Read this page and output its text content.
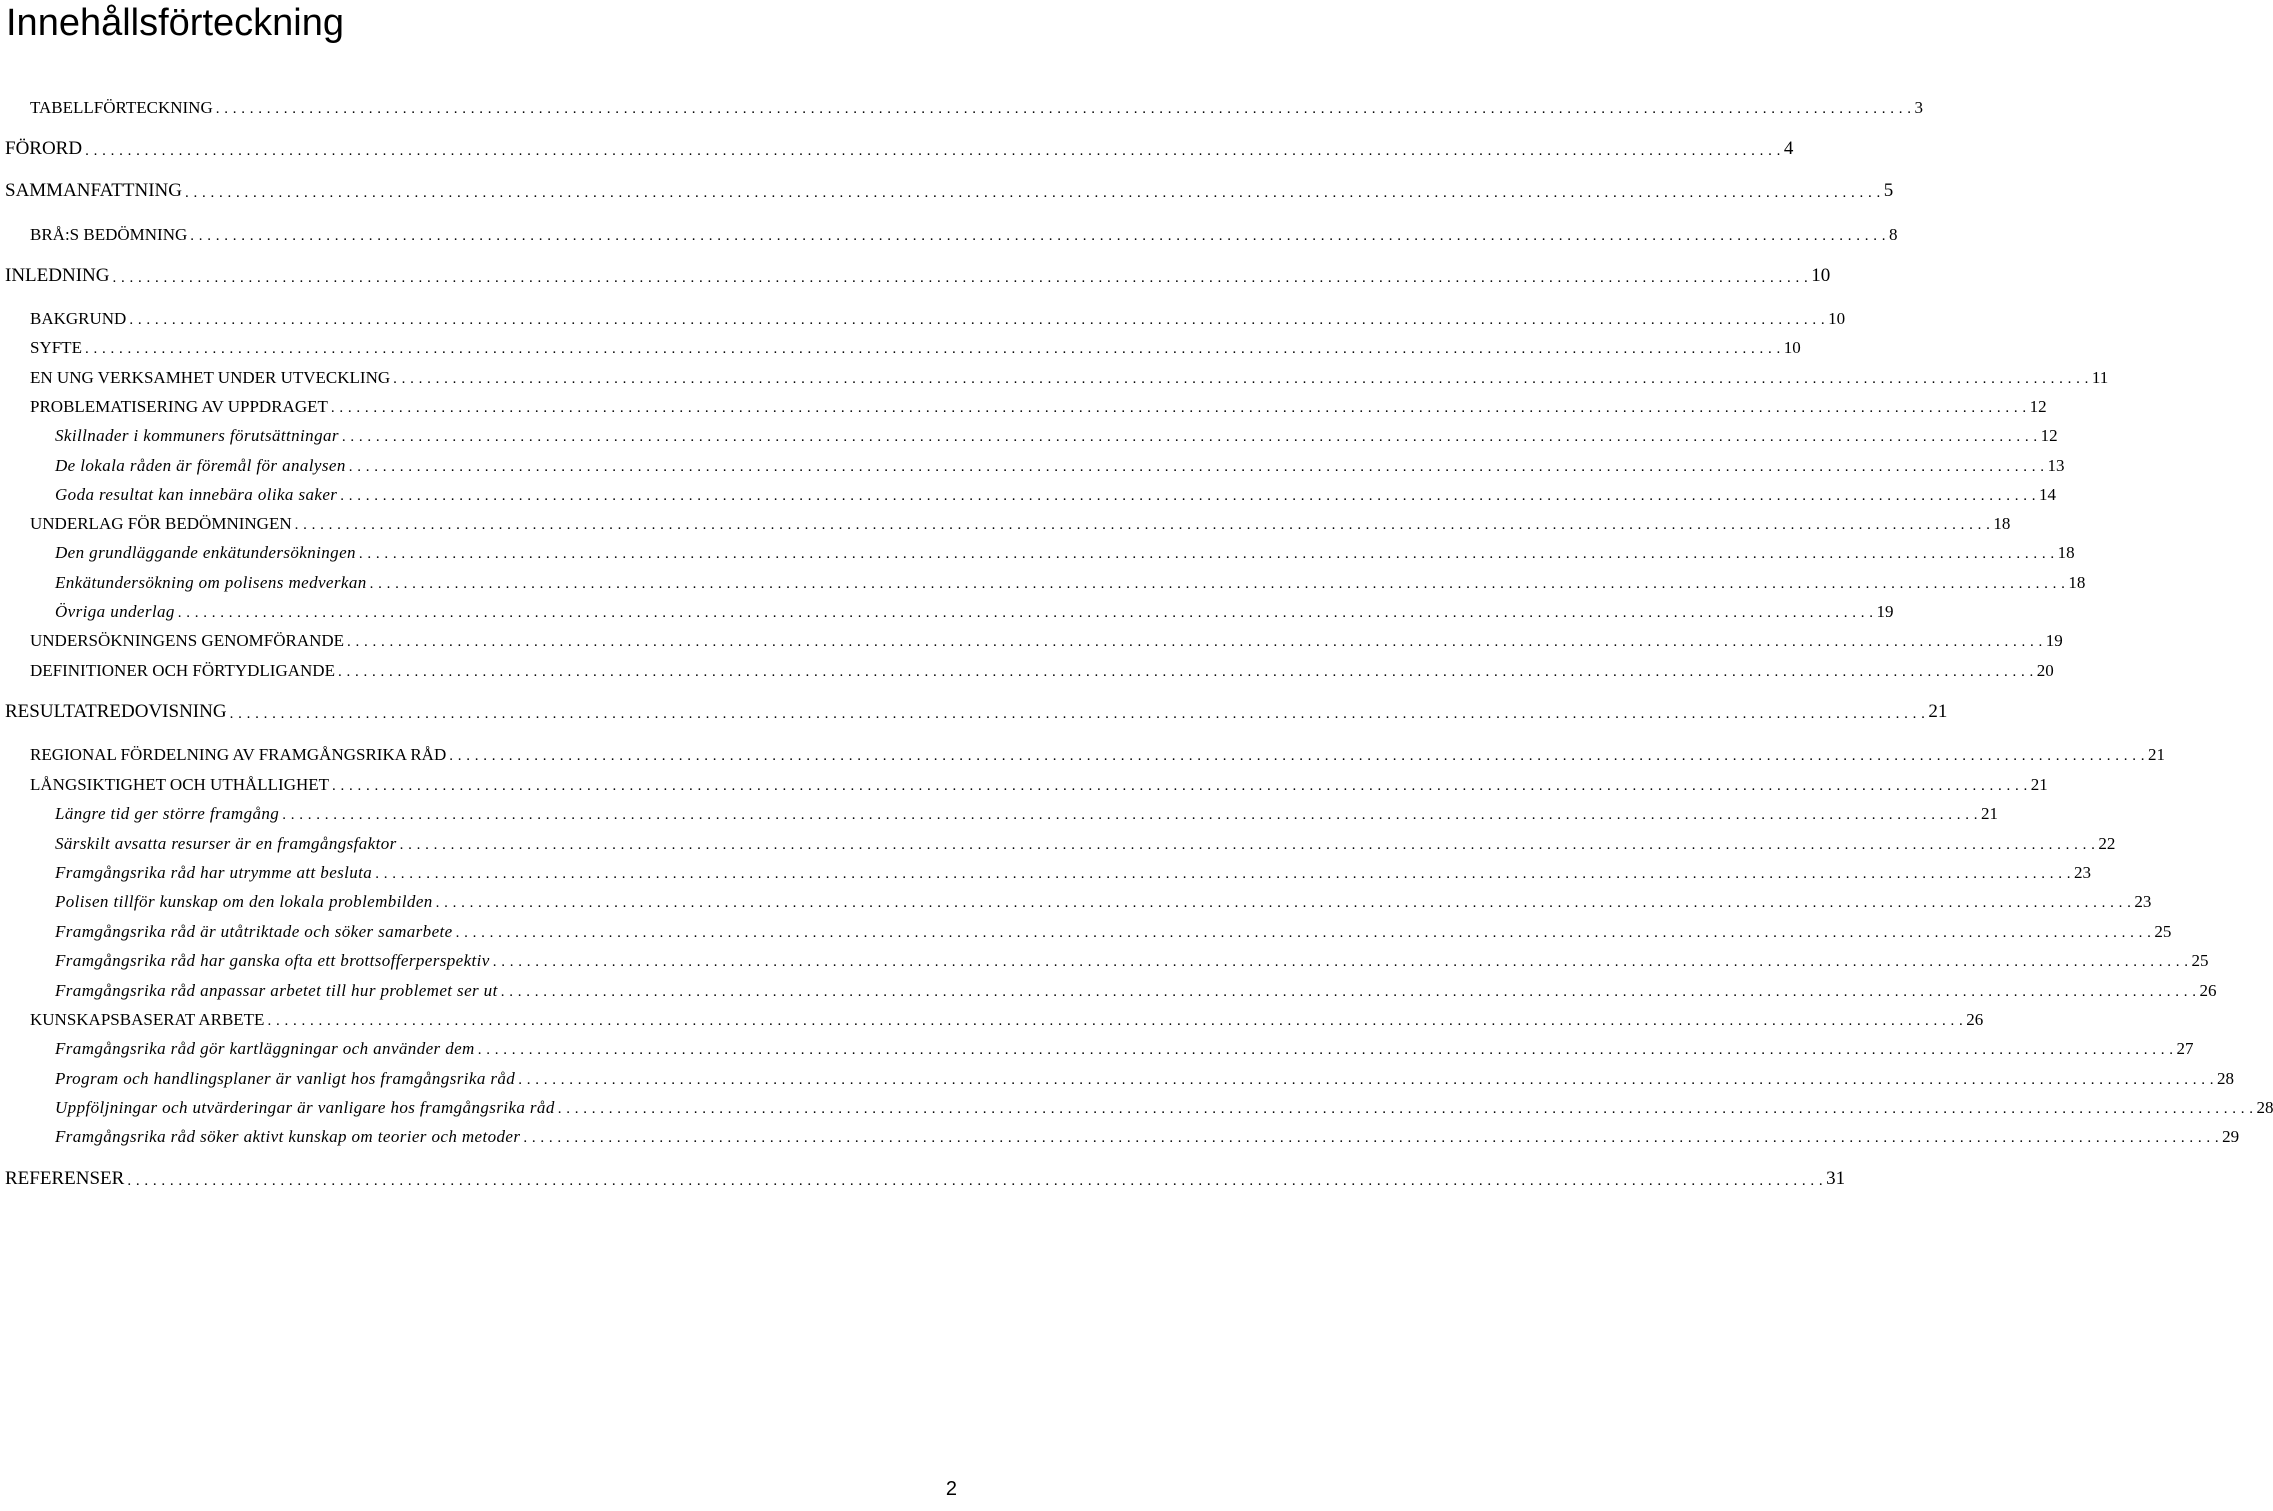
Innehållsförteckning
TABELLFÖRTECKNING . . . . . . . . . . . . . . . . . . . . . . . . . . . . . . . . . . . . . . . . . . . . . . . . . . . . . . . . . . . . . . . . . . . . . . . . . . . . . . . . . . . . . . . . . . . . . . . . . . . . . . . . . . . . . . . . . . . . . . . . . . . . . . . . . . . . . . . . . . . . . . . . . . . . . . . . . . . . . . . . . . . . . . . . . . . . . . . . . . . . . . . . . . . . . . . . . . . . . . . . 3
FÖRORD . . . . . . . . . . . . . . . . . . . . . . . . . . . . . . . . . . . . . . . . . . . . . . . . . . . . . . . . . . . . . . . . . . . . . . . . . . . . . . . . . . . . . . . . . . . . . . . . . . . . . . . . . . . . . . . . . . . . . . . . . . . . . . . . . . . . . . . . . . . . . . . . . . . . . . . . . . . . . . . . . . . . . . . . . . . . . . . . . . . . . . . . . . . . . . . . . . . . . . . . 4
SAMMANFATTNING . . . . . . . . . . . . . . . . . . . . . . . . . . . . . . . . . . . . . . . . . . . . . . . . . . . . . . . . . . . . . . . . . . . . . . . . . . . . . . . . . . . . . . . . . . . . . . . . . . . . . . . . . . . . . . . . . . . . . . . . . . . . . . . . . . . . . . . . . . . . . . . . . . . . . . . . . . . . . . . . . . . . . . . . . . . . . . . . . . . . . . . . . . . . . . . . . . . . . . . . 5
BRÅ:S BEDÖMNING . . . . . . . . . . . . . . . . . . . . . . . . . . . . . . . . . . . . . . . . . . . . . . . . . . . . . . . . . . . . . . . . . . . . . . . . . . . . . . . . . . . . . . . . . . . . . . . . . . . . . . . . . . . . . . . . . . . . . . . . . . . . . . . . . . . . . . . . . . . . . . . . . . . . . . . . . . . . . . . . . . . . . . . . . . . . . . . . . . . . . . . . . . . . . . . . . . . . . . . . 8
INLEDNING . . . . . . . . . . . . . . . . . . . . . . . . . . . . . . . . . . . . . . . . . . . . . . . . . . . . . . . . . . . . . . . . . . . . . . . . . . . . . . . . . . . . . . . . . . . . . . . . . . . . . . . . . . . . . . . . . . . . . . . . . . . . . . . . . . . . . . . . . . . . . . . . . . . . . . . . . . . . . . . . . . . . . . . . . . . . . . . . . . . . . . . . . . . . . . . . . . . . . . . . 10
BAKGRUND . . . . . . . . . . . . . . . . . . . . . . . . . . . . . . . . . . . . . . . . . . . . . . . . . . . . . . . . . . . . . . . . . . . . . . . . . . . . . . . . . . . . . . . . . . . . . . . . . . . . . . . . . . . . . . . . . . . . . . . . . . . . . . . . . . . . . . . . . . . . . . . . . . . . . . . . . . . . . . . . . . . . . . . . . . . . . . . . . . . . . . . . . . . . . . . . . . . . . . . . 10
SYFTE . . . . . . . . . . . . . . . . . . . . . . . . . . . . . . . . . . . . . . . . . . . . . . . . . . . . . . . . . . . . . . . . . . . . . . . . . . . . . . . . . . . . . . . . . . . . . . . . . . . . . . . . . . . . . . . . . . . . . . . . . . . . . . . . . . . . . . . . . . . . . . . . . . . . . . . . . . . . . . . . . . . . . . . . . . . . . . . . . . . . . . . . . . . . . . . . . . . . . . . . 10
EN UNG VERKSAMHET UNDER UTVECKLING . . . . . . . . . . . . . . . . . . . . . . . . . . . . . . . . . . . . . . . . . . . . . . . . . . . . . . . . . . . . . . . . . . . . . . . . . . . . . . . . . . . . . . . . . . . . . . . . . . . . . . . . . . . . . . . . . . . . . . . . . . . . . . . . . . . . . . . . . . . . . . . . . . . . . . . . . . . . . . . . . . . . . . . . . . . . . . . . . . . . . . . . . . . . . . . . . . . . . . . . 11
PROBLEMATISERING AV UPPDRAGET . . . . . . . . . . . . . . . . . . . . . . . . . . . . . . . . . . . . . . . . . . . . . . . . . . . . . . . . . . . . . . . . . . . . . . . . . . . . . . . . . . . . . . . . . . . . . . . . . . . . . . . . . . . . . . . . . . . . . . . . . . . . . . . . . . . . . . . . . . . . . . . . . . . . . . . . . . . . . . . . . . . . . . . . . . . . . . . . . . . . . . . . . . . . . . . . . . . . . . . . 12
Skillnader i kommuners förutsättningar . . . . . . . . . . . . . . . . . . . . . . . . . . . . . . . . . . . . . . . . . . . . . . . . . . . . . . . . . . . . . . . . . . . . . . . . . . . . . . . . . . . . . . . . . . . . . . . . . . . . . . . . . . . . . . . . . . . . . . . . . . . . . . . . . . . . . . . . . . . . . . . . . . . . . . . . . . . . . . . . . . . . . . . . . . . . . . . . . . . . . . . . . . . . . . . . . . . . . . . . 12
De lokala råden är föremål för analysen . . . . . . . . . . . . . . . . . . . . . . . . . . . . . . . . . . . . . . . . . . . . . . . . . . . . . . . . . . . . . . . . . . . . . . . . . . . . . . . . . . . . . . . . . . . . . . . . . . . . . . . . . . . . . . . . . . . . . . . . . . . . . . . . . . . . . . . . . . . . . . . . . . . . . . . . . . . . . . . . . . . . . . . . . . . . . . . . . . . . . . . . . . . . . . . . . . . . . . . . 13
Goda resultat kan innebära olika saker . . . . . . . . . . . . . . . . . . . . . . . . . . . . . . . . . . . . . . . . . . . . . . . . . . . . . . . . . . . . . . . . . . . . . . . . . . . . . . . . . . . . . . . . . . . . . . . . . . . . . . . . . . . . . . . . . . . . . . . . . . . . . . . . . . . . . . . . . . . . . . . . . . . . . . . . . . . . . . . . . . . . . . . . . . . . . . . . . . . . . . . . . . . . . . . . . . . . . . . . 14
UNDERLAG FÖR BEDÖMNINGEN . . . . . . . . . . . . . . . . . . . . . . . . . . . . . . . . . . . . . . . . . . . . . . . . . . . . . . . . . . . . . . . . . . . . . . . . . . . . . . . . . . . . . . . . . . . . . . . . . . . . . . . . . . . . . . . . . . . . . . . . . . . . . . . . . . . . . . . . . . . . . . . . . . . . . . . . . . . . . . . . . . . . . . . . . . . . . . . . . . . . . . . . . . . . . . . . . . . . . . . . 18
Den grundläggande enkätundersökningen . . . . . . . . . . . . . . . . . . . . . . . . . . . . . . . . . . . . . . . . . . . . . . . . . . . . . . . . . . . . . . . . . . . . . . . . . . . . . . . . . . . . . . . . . . . . . . . . . . . . . . . . . . . . . . . . . . . . . . . . . . . . . . . . . . . . . . . . . . . . . . . . . . . . . . . . . . . . . . . . . . . . . . . . . . . . . . . . . . . . . . . . . . . . . . . . . . . . . . . . 18
Enkätundersökning om polisens medverkan . . . . . . . . . . . . . . . . . . . . . . . . . . . . . . . . . . . . . . . . . . . . . . . . . . . . . . . . . . . . . . . . . . . . . . . . . . . . . . . . . . . . . . . . . . . . . . . . . . . . . . . . . . . . . . . . . . . . . . . . . . . . . . . . . . . . . . . . . . . . . . . . . . . . . . . . . . . . . . . . . . . . . . . . . . . . . . . . . . . . . . . . . . . . . . . . . . . . . . . . 18
Övriga underlag . . . . . . . . . . . . . . . . . . . . . . . . . . . . . . . . . . . . . . . . . . . . . . . . . . . . . . . . . . . . . . . . . . . . . . . . . . . . . . . . . . . . . . . . . . . . . . . . . . . . . . . . . . . . . . . . . . . . . . . . . . . . . . . . . . . . . . . . . . . . . . . . . . . . . . . . . . . . . . . . . . . . . . . . . . . . . . . . . . . . . . . . . . . . . . . . . . . . . . . . 19
UNDERSÖKNINGENS GENOMFÖRANDE . . . . . . . . . . . . . . . . . . . . . . . . . . . . . . . . . . . . . . . . . . . . . . . . . . . . . . . . . . . . . . . . . . . . . . . . . . . . . . . . . . . . . . . . . . . . . . . . . . . . . . . . . . . . . . . . . . . . . . . . . . . . . . . . . . . . . . . . . . . . . . . . . . . . . . . . . . . . . . . . . . . . . . . . . . . . . . . . . . . . . . . . . . . . . . . . . . . . . . . . 19
DEFINITIONER OCH FÖRTYDLIGANDE . . . . . . . . . . . . . . . . . . . . . . . . . . . . . . . . . . . . . . . . . . . . . . . . . . . . . . . . . . . . . . . . . . . . . . . . . . . . . . . . . . . . . . . . . . . . . . . . . . . . . . . . . . . . . . . . . . . . . . . . . . . . . . . . . . . . . . . . . . . . . . . . . . . . . . . . . . . . . . . . . . . . . . . . . . . . . . . . . . . . . . . . . . . . . . . . . . . . . . . . 20
RESULTATREDOVISNING . . . . . . . . . . . . . . . . . . . . . . . . . . . . . . . . . . . . . . . . . . . . . . . . . . . . . . . . . . . . . . . . . . . . . . . . . . . . . . . . . . . . . . . . . . . . . . . . . . . . . . . . . . . . . . . . . . . . . . . . . . . . . . . . . . . . . . . . . . . . . . . . . . . . . . . . . . . . . . . . . . . . . . . . . . . . . . . . . . . . . . . . . . . . . . . . . . . . . . . . 21
REGIONAL FÖRDELNING AV FRAMGÅNGSRIKA RÅD . . . . . . . . . . . . . . . . . . . . . . . . . . . . . . . . . . . . . . . . . . . . . . . . . . . . . . . . . . . . . . . . . . . . . . . . . . . . . . . . . . . . . . . . . . . . . . . . . . . . . . . . . . . . . . . . . . . . . . . . . . . . . . . . . . . . . . . . . . . . . . . . . . . . . . . . . . . . . . . . . . . . . . . . . . . . . . . . . . . . . . . . . . . . . . . . . . . . . . . . 21
LÅNGSIKTIGHET OCH UTHÅLLIGHET . . . . . . . . . . . . . . . . . . . . . . . . . . . . . . . . . . . . . . . . . . . . . . . . . . . . . . . . . . . . . . . . . . . . . . . . . . . . . . . . . . . . . . . . . . . . . . . . . . . . . . . . . . . . . . . . . . . . . . . . . . . . . . . . . . . . . . . . . . . . . . . . . . . . . . . . . . . . . . . . . . . . . . . . . . . . . . . . . . . . . . . . . . . . . . . . . . . . . . . . 21
Längre tid ger större framgång . . . . . . . . . . . . . . . . . . . . . . . . . . . . . . . . . . . . . . . . . . . . . . . . . . . . . . . . . . . . . . . . . . . . . . . . . . . . . . . . . . . . . . . . . . . . . . . . . . . . . . . . . . . . . . . . . . . . . . . . . . . . . . . . . . . . . . . . . . . . . . . . . . . . . . . . . . . . . . . . . . . . . . . . . . . . . . . . . . . . . . . . . . . . . . . . . . . . . . . . 21
Särskilt avsatta resurser är en framgångsfaktor . . . . . . . . . . . . . . . . . . . . . . . . . . . . . . . . . . . . . . . . . . . . . . . . . . . . . . . . . . . . . . . . . . . . . . . . . . . . . . . . . . . . . . . . . . . . . . . . . . . . . . . . . . . . . . . . . . . . . . . . . . . . . . . . . . . . . . . . . . . . . . . . . . . . . . . . . . . . . . . . . . . . . . . . . . . . . . . . . . . . . . . . . . . . . . . . . . . . . . . . 22
Framgångsrika råd har utrymme att besluta . . . . . . . . . . . . . . . . . . . . . . . . . . . . . . . . . . . . . . . . . . . . . . . . . . . . . . . . . . . . . . . . . . . . . . . . . . . . . . . . . . . . . . . . . . . . . . . . . . . . . . . . . . . . . . . . . . . . . . . . . . . . . . . . . . . . . . . . . . . . . . . . . . . . . . . . . . . . . . . . . . . . . . . . . . . . . . . . . . . . . . . . . . . . . . . . . . . . . . . . 23
Polisen tillför kunskap om den lokala problembilden . . . . . . . . . . . . . . . . . . . . . . . . . . . . . . . . . . . . . . . . . . . . . . . . . . . . . . . . . . . . . . . . . . . . . . . . . . . . . . . . . . . . . . . . . . . . . . . . . . . . . . . . . . . . . . . . . . . . . . . . . . . . . . . . . . . . . . . . . . . . . . . . . . . . . . . . . . . . . . . . . . . . . . . . . . . . . . . . . . . . . . . . . . . . . . . . . . . . . . . . 23
Framgångsrika råd är utåtriktade och söker samarbete . . . . . . . . . . . . . . . . . . . . . . . . . . . . . . . . . . . . . . . . . . . . . . . . . . . . . . . . . . . . . . . . . . . . . . . . . . . . . . . . . . . . . . . . . . . . . . . . . . . . . . . . . . . . . . . . . . . . . . . . . . . . . . . . . . . . . . . . . . . . . . . . . . . . . . . . . . . . . . . . . . . . . . . . . . . . . . . . . . . . . . . . . . . . . . . . . . . . . . . . 25
Framgångsrika råd har ganska ofta ett brottsofferperspektiv . . . . . . . . . . . . . . . . . . . . . . . . . . . . . . . . . . . . . . . . . . . . . . . . . . . . . . . . . . . . . . . . . . . . . . . . . . . . . . . . . . . . . . . . . . . . . . . . . . . . . . . . . . . . . . . . . . . . . . . . . . . . . . . . . . . . . . . . . . . . . . . . . . . . . . . . . . . . . . . . . . . . . . . . . . . . . . . . . . . . . . . . . . . . . . . . . . . . . . . . 25
Framgångsrika råd anpassar arbetet till hur problemet ser ut . . . . . . . . . . . . . . . . . . . . . . . . . . . . . . . . . . . . . . . . . . . . . . . . . . . . . . . . . . . . . . . . . . . . . . . . . . . . . . . . . . . . . . . . . . . . . . . . . . . . . . . . . . . . . . . . . . . . . . . . . . . . . . . . . . . . . . . . . . . . . . . . . . . . . . . . . . . . . . . . . . . . . . . . . . . . . . . . . . . . . . . . . . . . . . . . . . . . . . . . 26
KUNSKAPSBASERAT ARBETE . . . . . . . . . . . . . . . . . . . . . . . . . . . . . . . . . . . . . . . . . . . . . . . . . . . . . . . . . . . . . . . . . . . . . . . . . . . . . . . . . . . . . . . . . . . . . . . . . . . . . . . . . . . . . . . . . . . . . . . . . . . . . . . . . . . . . . . . . . . . . . . . . . . . . . . . . . . . . . . . . . . . . . . . . . . . . . . . . . . . . . . . . . . . . . . . . . . . . . . . 26
Framgångsrika råd gör kartläggningar och använder dem . . . . . . . . . . . . . . . . . . . . . . . . . . . . . . . . . . . . . . . . . . . . . . . . . . . . . . . . . . . . . . . . . . . . . . . . . . . . . . . . . . . . . . . . . . . . . . . . . . . . . . . . . . . . . . . . . . . . . . . . . . . . . . . . . . . . . . . . . . . . . . . . . . . . . . . . . . . . . . . . . . . . . . . . . . . . . . . . . . . . . . . . . . . . . . . . . . . . . . . . 27
Program och handlingsplaner är vanligt hos framgångsrika råd . . . . . . . . . . . . . . . . . . . . . . . . . . . . . . . . . . . . . . . . . . . . . . . . . . . . . . . . . . . . . . . . . . . . . . . . . . . . . . . . . . . . . . . . . . . . . . . . . . . . . . . . . . . . . . . . . . . . . . . . . . . . . . . . . . . . . . . . . . . . . . . . . . . . . . . . . . . . . . . . . . . . . . . . . . . . . . . . . . . . . . . . . . . . . . . . . . . . . . . . 28
Uppföljningar och utvärderingar är vanligare hos framgångsrika råd . . . . . . . . . . . . . . . . . . . . . . . . . . . . . . . . . . . . . . . . . . . . . . . . . . . . . . . . . . . . . . . . . . . . . . . . . . . . . . . . . . . . . . . . . . . . . . . . . . . . . . . . . . . . . . . . . . . . . . . . . . . . . . . . . . . . . . . . . . . . . . . . . . . . . . . . . . . . . . . . . . . . . . . . . . . . . . . . . . . . . . . . . . . . . . . . . . . . . . . . 28
Framgångsrika råd söker aktivt kunskap om teorier och metoder . . . . . . . . . . . . . . . . . . . . . . . . . . . . . . . . . . . . . . . . . . . . . . . . . . . . . . . . . . . . . . . . . . . . . . . . . . . . . . . . . . . . . . . . . . . . . . . . . . . . . . . . . . . . . . . . . . . . . . . . . . . . . . . . . . . . . . . . . . . . . . . . . . . . . . . . . . . . . . . . . . . . . . . . . . . . . . . . . . . . . . . . . . . . . . . . . . . . . . . . 29
REFERENSER . . . . . . . . . . . . . . . . . . . . . . . . . . . . . . . . . . . . . . . . . . . . . . . . . . . . . . . . . . . . . . . . . . . . . . . . . . . . . . . . . . . . . . . . . . . . . . . . . . . . . . . . . . . . . . . . . . . . . . . . . . . . . . . . . . . . . . . . . . . . . . . . . . . . . . . . . . . . . . . . . . . . . . . . . . . . . . . . . . . . . . . . . . . . . . . . . . . . . . . . 31
2
